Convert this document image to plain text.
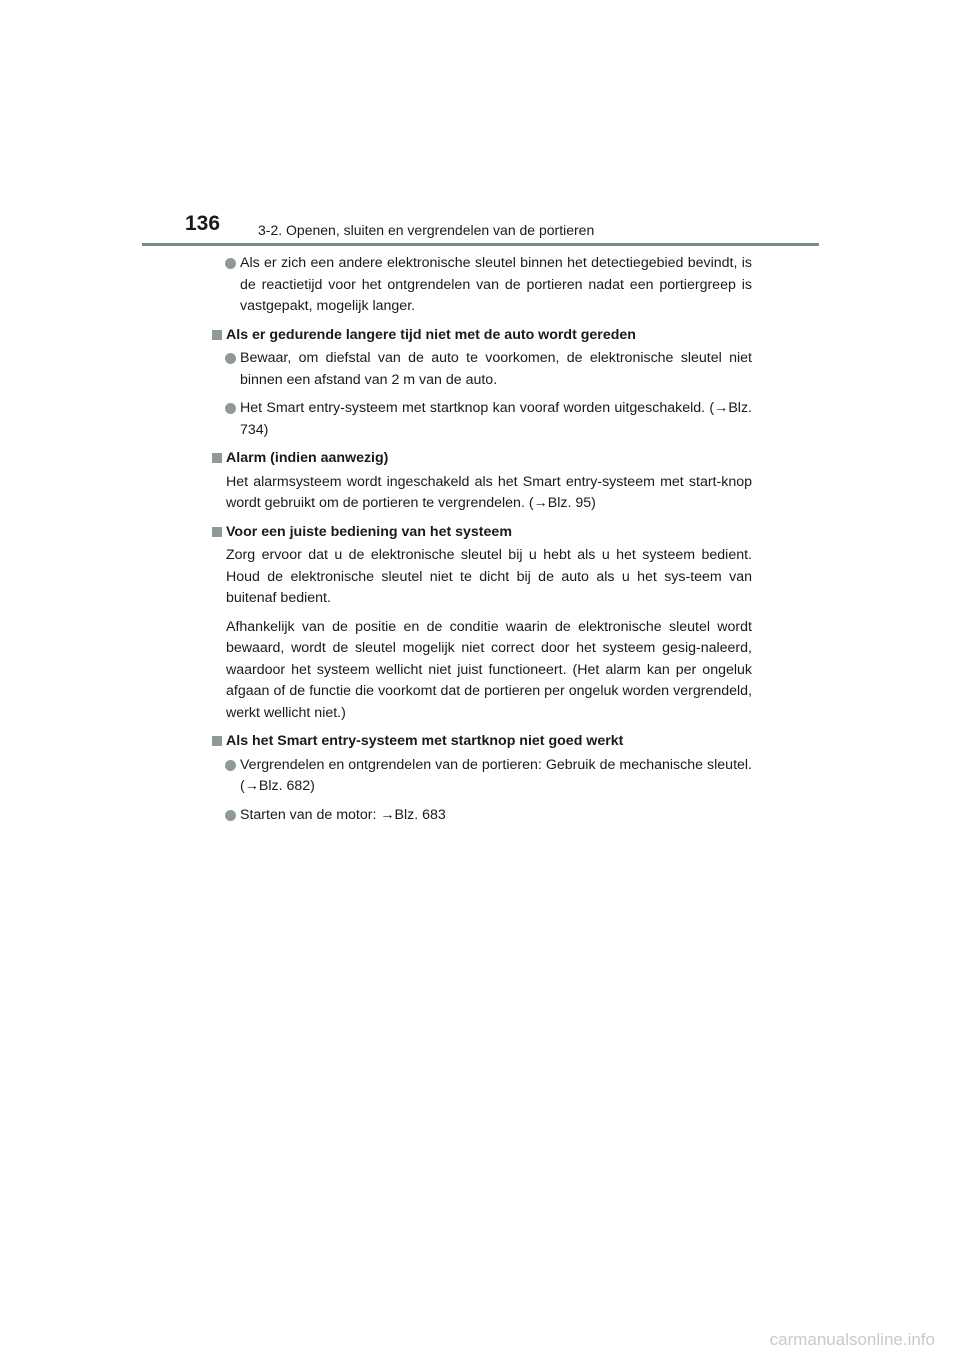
136	3-2. Openen, sluiten en vergrendelen van de portieren
Als er zich een andere elektronische sleutel binnen het detectiegebied bevindt, is de reactietijd voor het ontgrendelen van de portieren nadat een portiergreep is vastgepakt, mogelijk langer.
Als er gedurende langere tijd niet met de auto wordt gereden
Bewaar, om diefstal van de auto te voorkomen, de elektronische sleutel niet binnen een afstand van 2 m van de auto.
Het Smart entry-systeem met startknop kan vooraf worden uitgeschakeld. (→Blz. 734)
Alarm (indien aanwezig)
Het alarmsysteem wordt ingeschakeld als het Smart entry-systeem met start-knop wordt gebruikt om de portieren te vergrendelen. (→Blz. 95)
Voor een juiste bediening van het systeem
Zorg ervoor dat u de elektronische sleutel bij u hebt als u het systeem bedient. Houd de elektronische sleutel niet te dicht bij de auto als u het sys-teem van buitenaf bedient.
Afhankelijk van de positie en de conditie waarin de elektronische sleutel wordt bewaard, wordt de sleutel mogelijk niet correct door het systeem gesig-naleerd, waardoor het systeem wellicht niet juist functioneert. (Het alarm kan per ongeluk afgaan of de functie die voorkomt dat de portieren per ongeluk worden vergrendeld, werkt wellicht niet.)
Als het Smart entry-systeem met startknop niet goed werkt
Vergrendelen en ontgrendelen van de portieren: Gebruik de mechanische sleutel. (→Blz. 682)
Starten van de motor: →Blz. 683
carmanualsonline.info
